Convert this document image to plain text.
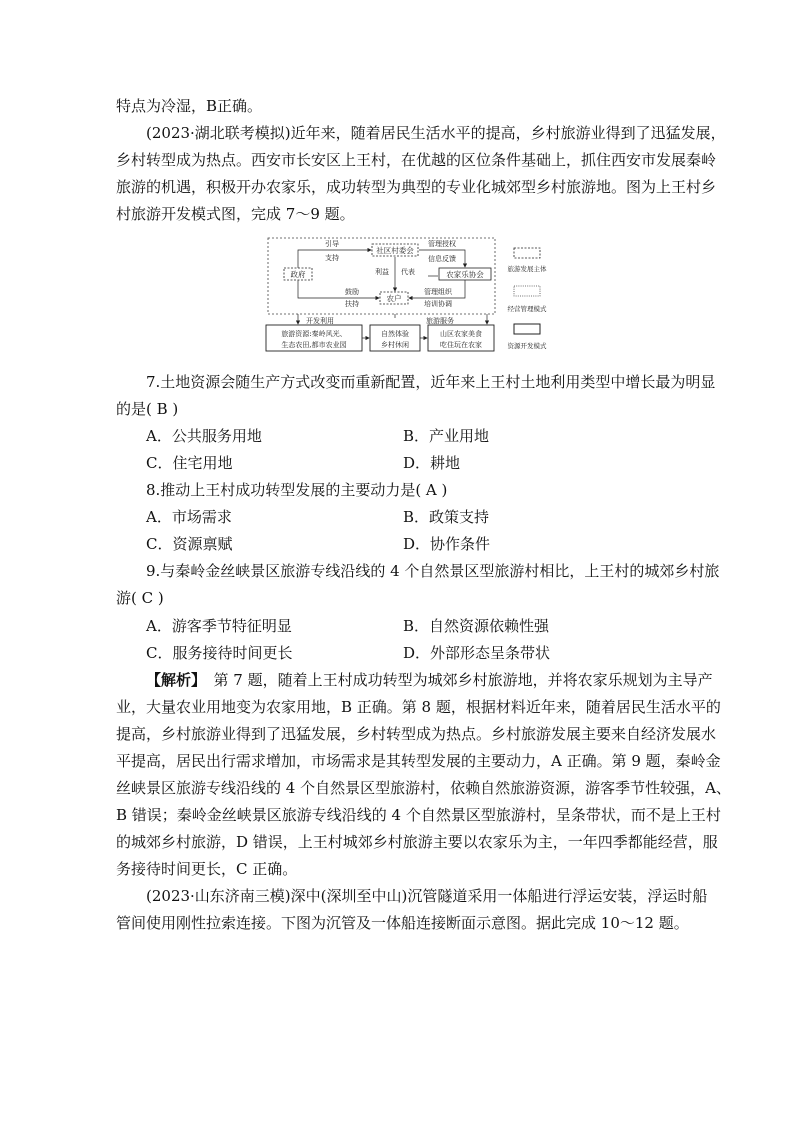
特点为冷湿，B正确。
(2023·湖北联考模拟)近年来，随着居民生活水平的提高，乡村旅游业得到了迅猛发展，
乡村转型成为热点。西安市长安区上王村，在优越的区位条件基础上，抓住西安市发展秦岭
旅游的机遇，积极开办农家乐，成功转型为典型的专业化城郊型乡村旅游地。图为上王村乡
村旅游开发模式图，完成 7～9 题。
政府
社区村委会
农家乐协会
农户
引导
支持
管理授权
信息反馈
利益 代表
鼓励
扶持
管理组织
培训协调
开发利用	旅游服务
旅游资源:秦岭风光、
生态农田,都市农业园
自然体验
乡村休闲
山区农家美食
吃住玩在农家
旅游发展主体
经营管理模式
资源开发模式
7.土地资源会随生产方式改变而重新配置，近年来上王村土地利用类型中增长最为明显
的是( B )
A．公共服务用地	B．产业用地
C．住宅用地	D．耕地
8.推动上王村成功转型发展的主要动力是( A )
A．市场需求	B．政策支持
C．资源禀赋	D．协作条件
9.与秦岭金丝峡景区旅游专线沿线的 4 个自然景区型旅游村相比，上王村的城郊乡村旅
游( C )
A．游客季节特征明显	B．自然资源依赖性强
C．服务接待时间更长	D．外部形态呈条带状
【解析】　第 7 题，随着上王村成功转型为城郊乡村旅游地，并将农家乐规划为主导产
业，大量农业用地变为农家用地，B 正确。第 8 题，根据材料近年来，随着居民生活水平的
提高，乡村旅游业得到了迅猛发展，乡村转型成为热点。乡村旅游发展主要来自经济发展水
平提高，居民出行需求增加，市场需求是其转型发展的主要动力，A 正确。第 9 题，秦岭金
丝峡景区旅游专线沿线的 4 个自然景区型旅游村，依赖自然旅游资源，游客季节性较强，A、
B 错误；秦岭金丝峡景区旅游专线沿线的 4 个自然景区型旅游村，呈条带状，而不是上王村
的城郊乡村旅游，D 错误，上王村城郊乡村旅游主要以农家乐为主，一年四季都能经营，服
务接待时间更长，C 正确。
(2023·山东济南三模)深中(深圳至中山)沉管隧道采用一体船进行浮运安装，浮运时船
管间使用刚性拉索连接。下图为沉管及一体船连接断面示意图。据此完成 10～12 题。
